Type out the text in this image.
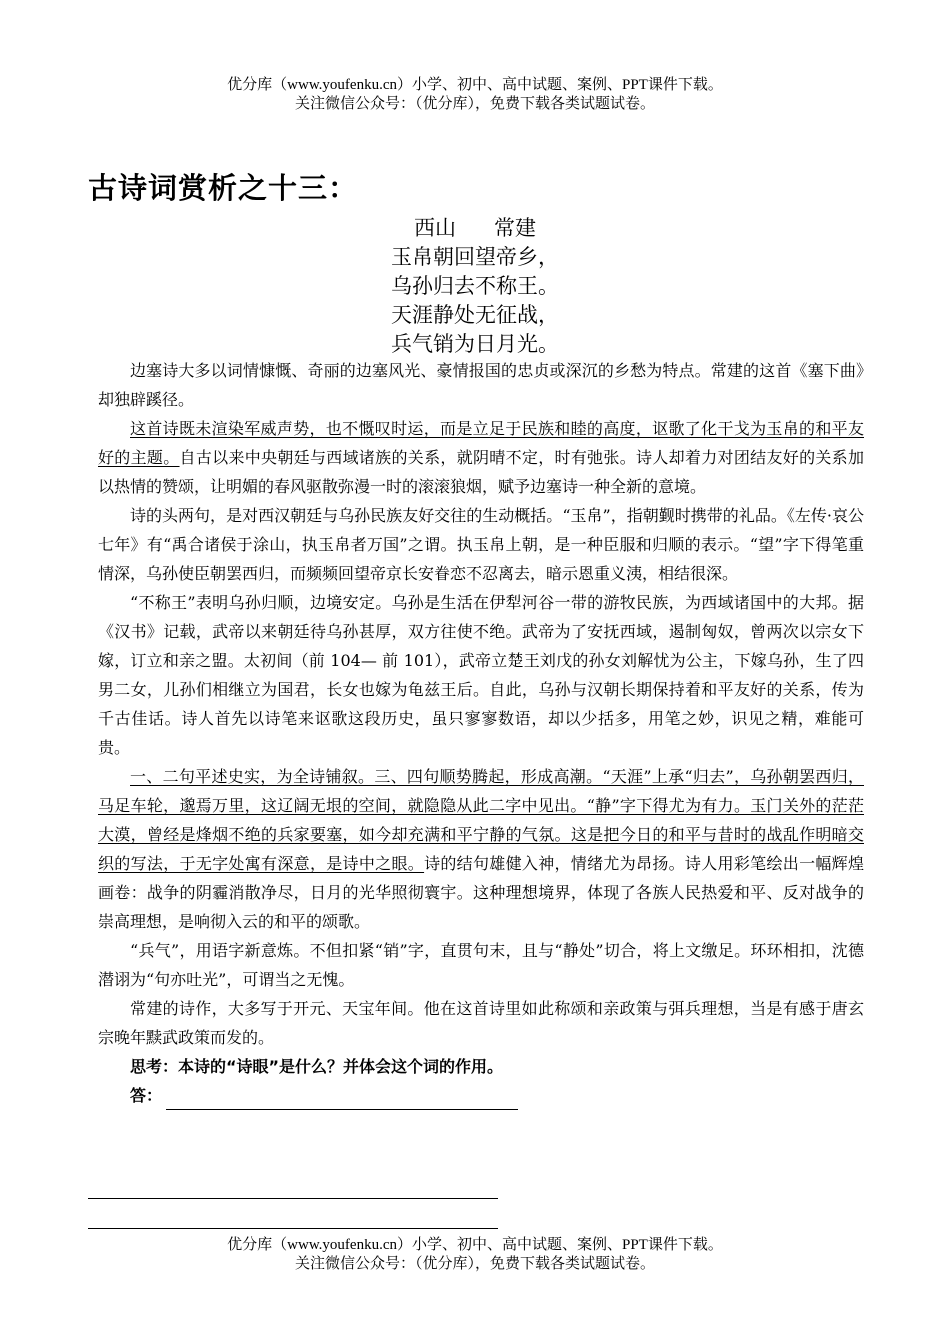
优分库（www.youfenku.cn）小学、初中、高中试题、案例、PPT课件下载。
关注微信公众号：（优分库），免费下载各类试题试卷。
古诗词赏析之十三：
西山 常建
玉帛朝回望帝乡，
乌孙归去不称王。
天涯静处无征战，
兵气销为日月光。

边塞诗大多以词情慷慨、奇丽的边塞风光、豪情报国的忠贞或深沉的乡愁为特点。常建的这首《塞下曲》却独辟蹊径。

这首诗既未渲染军威声势，也不慨叹时运，而是立足于民族和睦的高度，讴歌了化干戈为玉帛的和平友好的主题。自古以来中央朝廷与西域诸族的关系，就阴晴不定，时有弛张。诗人却着力对团结友好的关系加以热情的赞颂，让明媚的春风驱散弥漫一时的滚滚狼烟，赋予边塞诗一种全新的意境。

诗的头两句，是对西汉朝廷与乌孙民族友好交往的生动概括。“玉帛”，指朝觐时携带的礼品。《左传·哀公七年》有“禹合诸侯于涂山，执玉帛者万国”之谓。执玉帛上朝，是一种臣服和归顺的表示。“望”字下得笔重情深，乌孙使臣朝罢西归，而频频回望帝京长安眷恋不忍离去，暗示恩重义洟，相结很深。

“不称王”表明乌孙归顺，边境安定。乌孙是生活在伊犁河谷一带的游牧民族，为西域诸国中的大邦。据《汉书》记载，武帝以来朝廷待乌孙甚厚，双方往使不绝。武帝为了安抚西域，遏制匈奴，曾两次以宗女下嫁，订立和亲之盟。太初间（前 104— 前 101），武帝立楚王刘戊的孙女刘解忧为公主，下嫁乌孙，生了四男二女，儿孙们相继立为国君，长女也嫁为龟兹王后。自此，乌孙与汉朝长期保持着和平友好的关系，传为千古佳话。诗人首先以诗笔来讴歌这段历史，虽只寥寥数语，却以少括多，用笔之妙，识见之精，难能可贵。

一、二句平述史实，为全诗铺叙。三、四句顺势腾起，形成高潮。“天涯”上承“归去”，乌孙朝罢西归，马足车轮，邈焉万里，这辽阔无垠的空间，就隐隐从此二字中见出。“静”字下得尤为有力。玉门关外的茫茫大漠，曾经是烽烟不绝的兵家要塞，如今却充满和平宁静的气氛。这是把今日的和平与昔时的战乱作明暗交织的写法，于无字处寓有深意，是诗中之眼。诗的结句雄健入神，情绪尤为昂扬。诗人用彩笔绘出一幅辉煌画卷：战争的阴霾消散净尽，日月的光华照彻寰宇。这种理想境界，体现了各族人民热爱和平、反对战争的崇高理想，是响彻入云的和平的颂歌。

“兵气”，用语字新意炼。不但扣紧“销”字，直贯句末，且与“静处”切合，将上文缴足。环环相扣，沈德潜诩为“句亦吐光”，可谓当之无愧。

常建的诗作，大多写于开元、天宝年间。他在这首诗里如此称颂和亲政策与弭兵理想，当是有感于唐玄宗晚年黩武政策而发的。

思考：本诗的“诗眼”是什么？并体会这个词的作用。

答：

优分库（www.youfenku.cn）小学、初中、高中试题、案例、PPT课件下载。
关注微信公众号：（优分库），免费下载各类试题试卷。
